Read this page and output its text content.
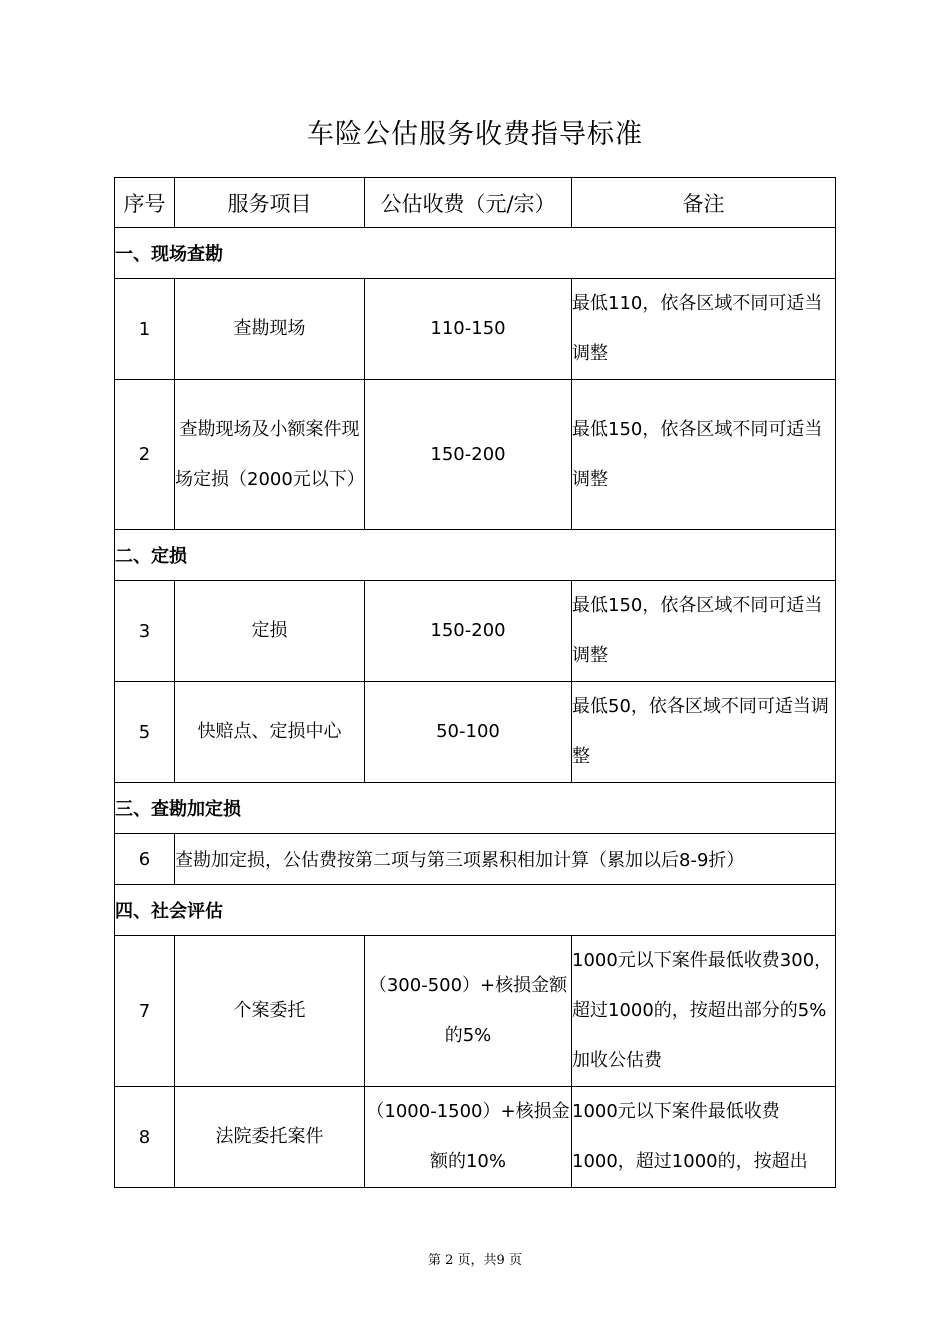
车险公估服务收费指导标准
序号	服务项目	公估收费（元/宗）	备注
一、现场查勘			
1	查勘现场	110-150	最低110，依各区域不同可适当调整
2	查勘现场及小额案件现场定损（2000元以下）	150-200	最低150，依各区域不同可适当调整
二、定损			
3	定损	150-200	最低150，依各区域不同可适当调整
5	快赔点、定损中心	50-100	最低50，依各区域不同可适当调整
三、查勘加定损			
6	查勘加定损，公估费按第二项与第三项累积相加计算（累加以后8-9折）		
四、社会评估			
7	个案委托	（300-500）+核损金额的5%	1000元以下案件最低收费300，超过1000的，按超出部分的5%加收公估费
8	法院委托案件	（1000-1500）+核损金额的10%	1000元以下案件最低收费1000，超过1000的，按超出
第 2 页，共9 页
